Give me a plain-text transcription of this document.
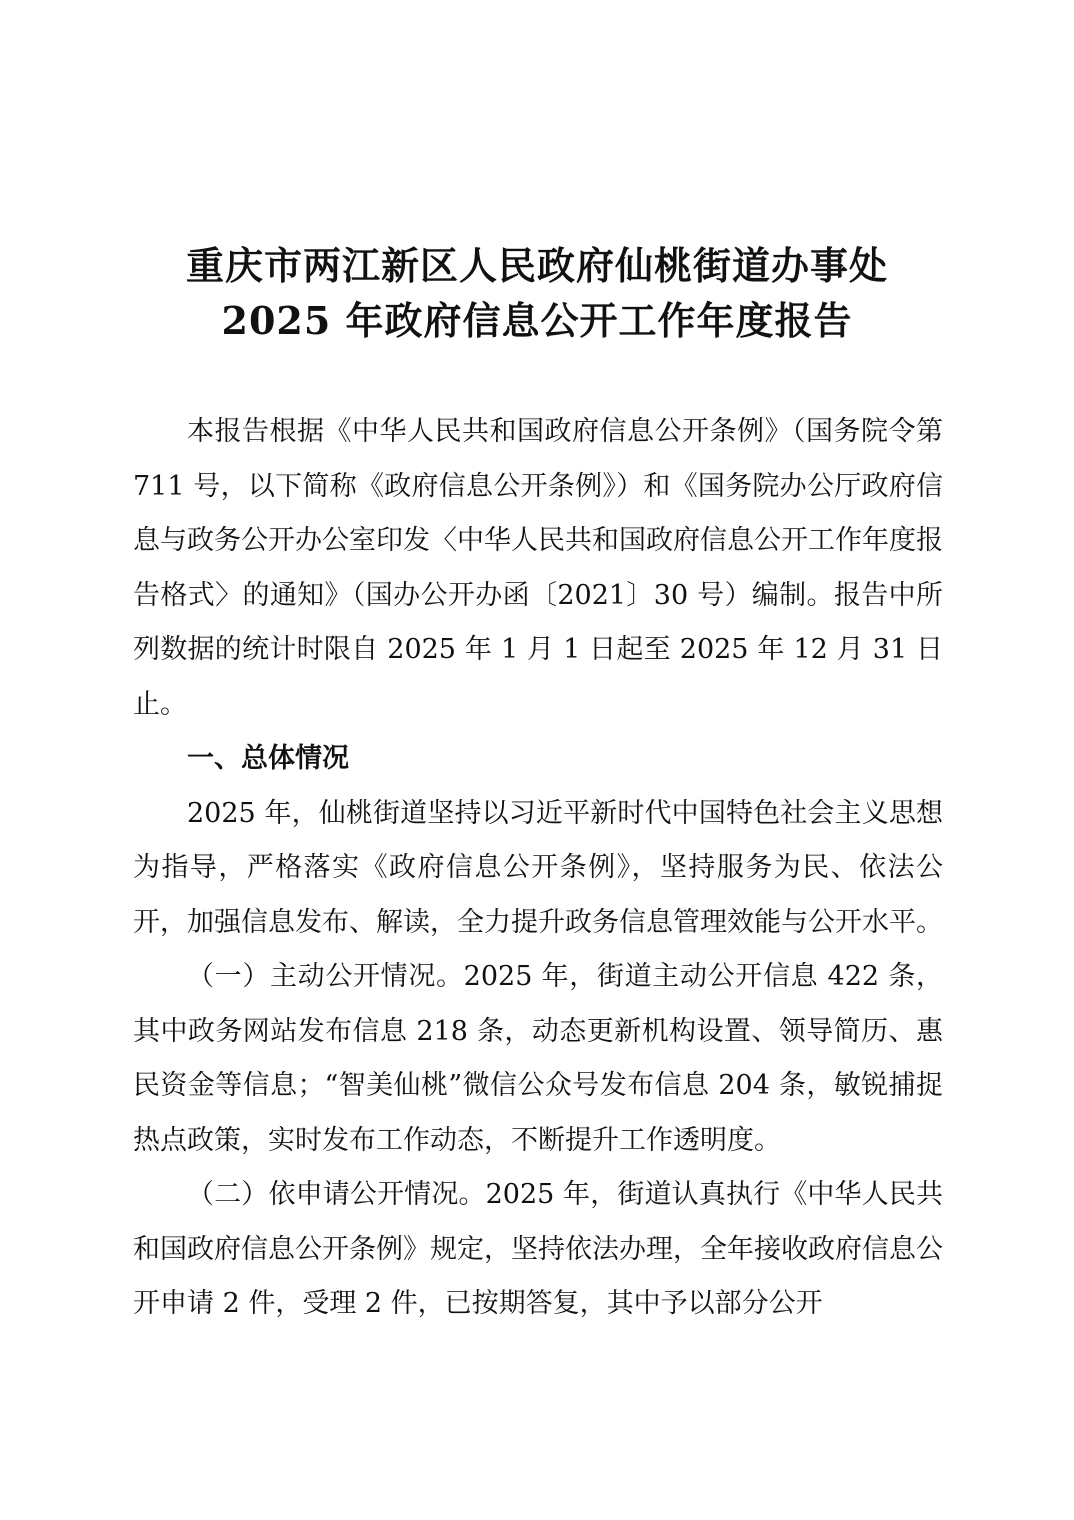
重庆市两江新区人民政府仙桃街道办事处
2025 年政府信息公开工作年度报告

本报告根据《中华人民共和国政府信息公开条例》（国务院令第 711 号，以下简称《政府信息公开条例》）和《国务院办公厅政府信息与政务公开办公室印发〈中华人民共和国政府信息公开工作年度报告格式〉的通知》（国办公开办函〔2021〕30 号）编制。报告中所列数据的统计时限自 2025 年 1 月 1 日起至 2025 年 12 月 31 日止。

一、总体情况

2025 年，仙桃街道坚持以习近平新时代中国特色社会主义思想为指导，严格落实《政府信息公开条例》，坚持服务为民、依法公开，加强信息发布、解读，全力提升政务信息管理效能与公开水平。

（一）主动公开情况。2025 年，街道主动公开信息 422 条，其中政务网站发布信息 218 条，动态更新机构设置、领导简历、惠民资金等信息；“智美仙桃”微信公众号发布信息 204 条，敏锐捕捉热点政策，实时发布工作动态，不断提升工作透明度。

（二）依申请公开情况。2025 年，街道认真执行《中华人民共和国政府信息公开条例》规定，坚持依法办理，全年接收政府信息公开申请 2 件，受理 2 件，已按期答复，其中予以部分公开
